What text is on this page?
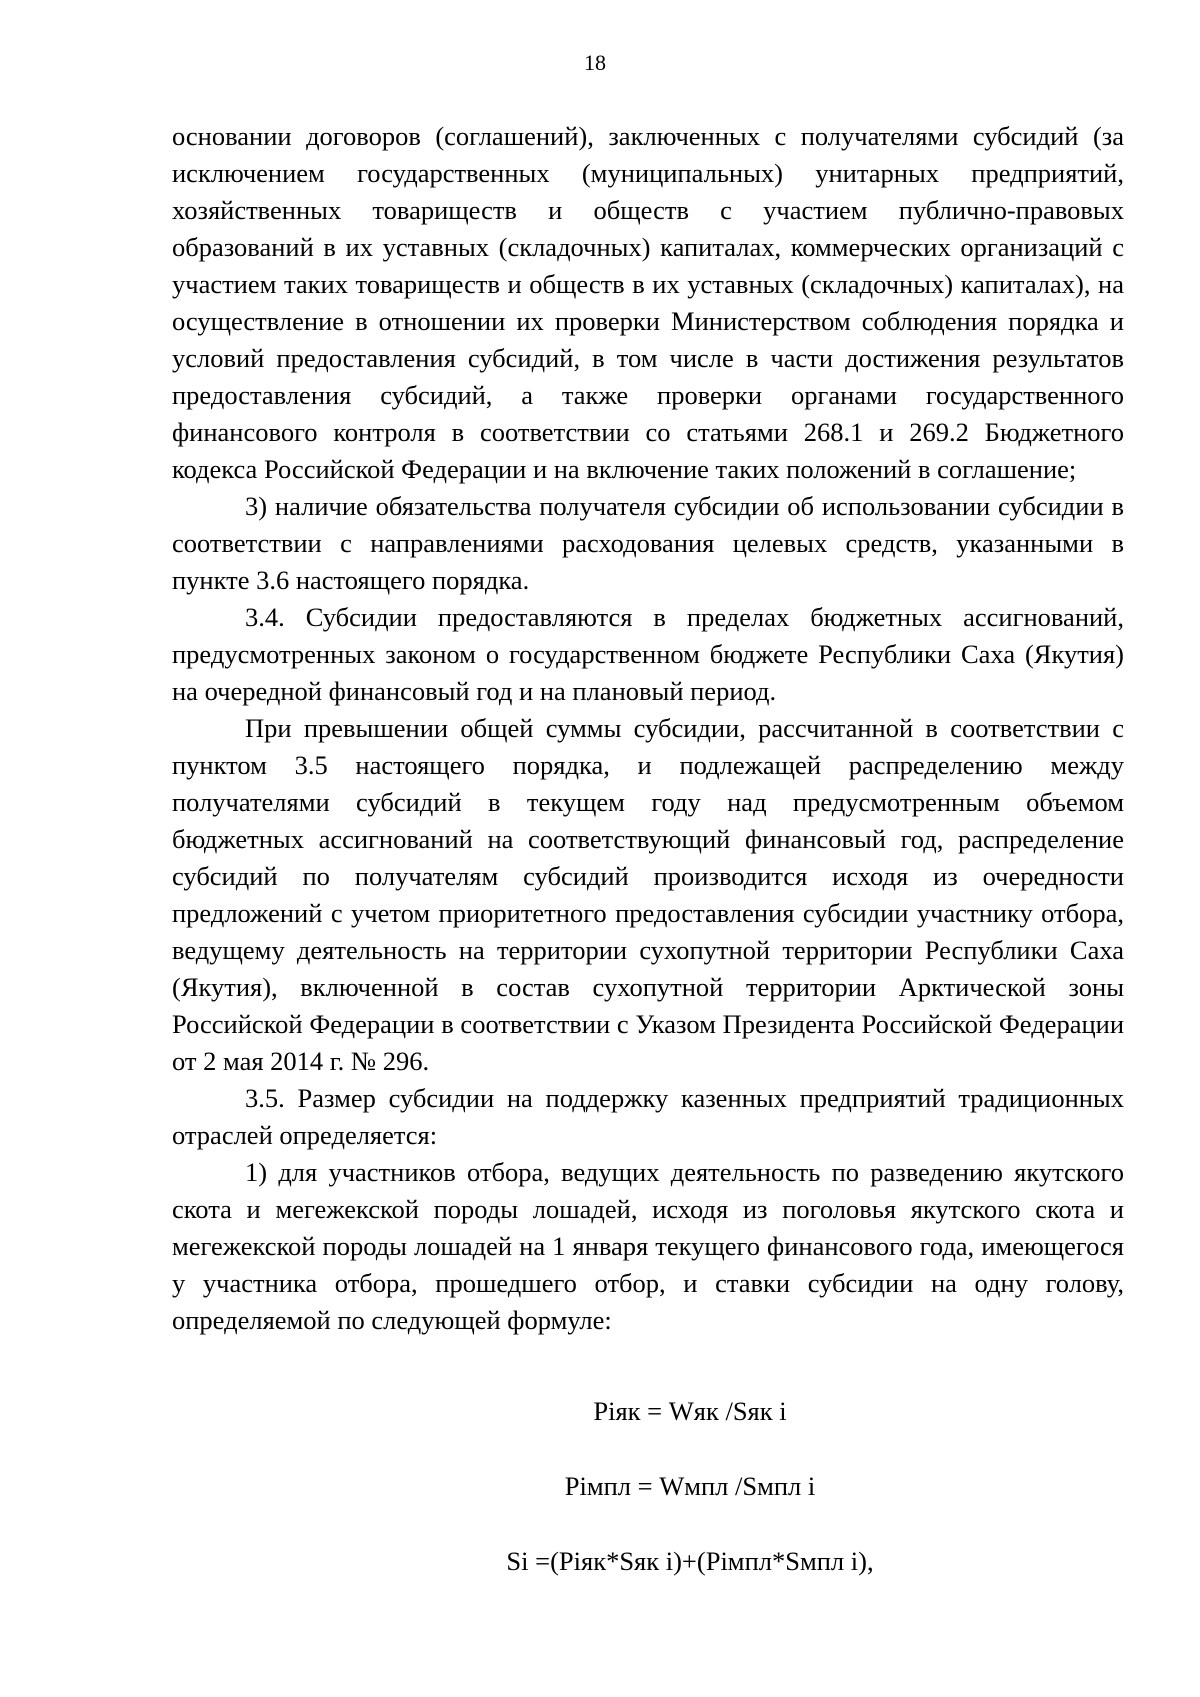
18

основании договоров (соглашений), заключенных с получателями субсидий (за исключением государственных (муниципальных) унитарных предприятий, хозяйственных товариществ и обществ с участием публично-правовых образований в их уставных (складочных) капиталах, коммерческих организаций с участием таких товариществ и обществ в их уставных (складочных) капиталах), на осуществление в отношении их проверки Министерством соблюдения порядка и условий предоставления субсидий, в том числе в части достижения результатов предоставления субсидий, а также проверки органами государственного финансового контроля в соответствии со статьями 268.1 и 269.2 Бюджетного кодекса Российской Федерации и на включение таких положений в соглашение;

3) наличие обязательства получателя субсидии об использовании субсидии в соответствии с направлениями расходования целевых средств, указанными в пункте 3.6 настоящего порядка.

3.4. Субсидии предоставляются в пределах бюджетных ассигнований, предусмотренных законом о государственном бюджете Республики Саха (Якутия) на очередной финансовый год и на плановый период.

При превышении общей суммы субсидии, рассчитанной в соответствии с пунктом 3.5 настоящего порядка, и подлежащей распределению между получателями субсидий в текущем году над предусмотренным объемом бюджетных ассигнований на соответствующий финансовый год, распределение субсидий по получателям субсидий производится исходя из очередности предложений с учетом приоритетного предоставления субсидии участнику отбора, ведущему деятельность на территории сухопутной территории Республики Саха (Якутия), включенной в состав сухопутной территории Арктической зоны Российской Федерации в соответствии с Указом Президента Российской Федерации от 2 мая 2014 г. № 296.

3.5. Размер субсидии на поддержку казенных предприятий традиционных отраслей определяется:

1) для участников отбора, ведущих деятельность по разведению якутского скота и мегежекской породы лошадей, исходя из поголовья якутского скота и мегежекской породы лошадей на 1 января текущего финансового года, имеющегося у участника отбора, прошедшего отбор, и ставки субсидии на одну голову, определяемой по следующей формуле:

Piяк = Wяк /Sяк i

Piмпл = Wмпл /Sмпл i

Si =(Piяк*Sяк i)+(Piмпл*Sмпл i),
